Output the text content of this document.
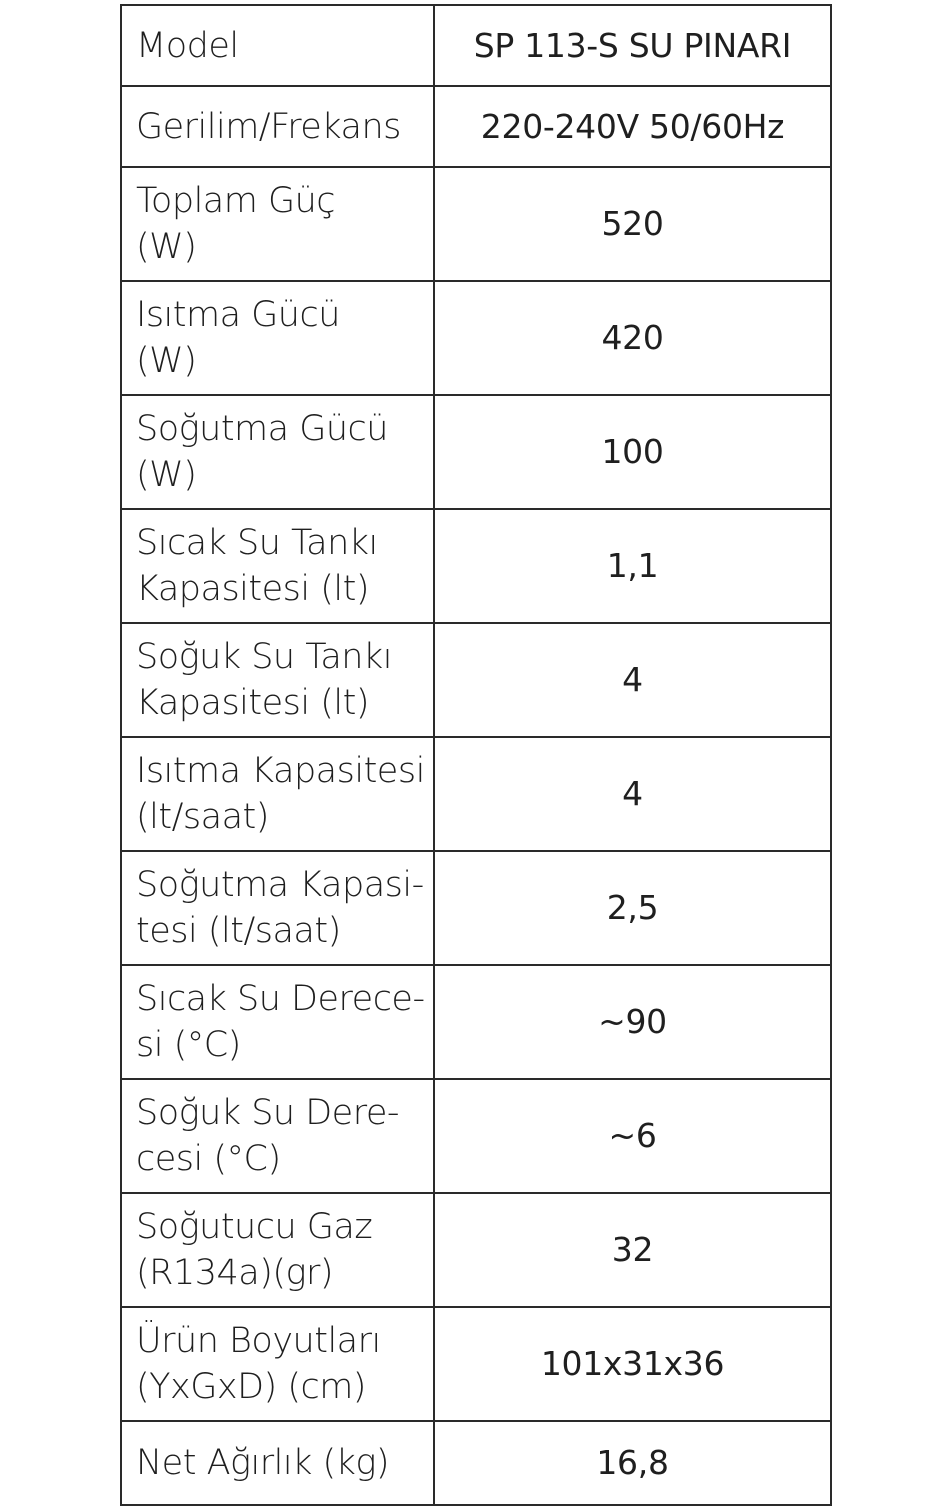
Model	SP 113-S SU PINARI

Gerilim/Frekans	220-240V 50/60Hz

Toplam Güç
(W)	520

Isıtma Gücü
(W)	420

Soğutma Gücü
(W)	100

Sıcak Su Tankı
Kapasitesi (lt)	1,1

Soğuk Su Tankı
Kapasitesi (lt)	4

Isıtma Kapasitesi
(lt/saat)	4

Soğutma Kapasi-
tesi (lt/saat)	2,5

Sıcak Su Derece-
si (°C)	~90

Soğuk Su Dere-
cesi (°C)	~6

Soğutucu Gaz
(R134a)(gr)	32

Ürün Boyutları
(YxGxD) (cm)	101x31x36

Net Ağırlık (kg)	16,8
